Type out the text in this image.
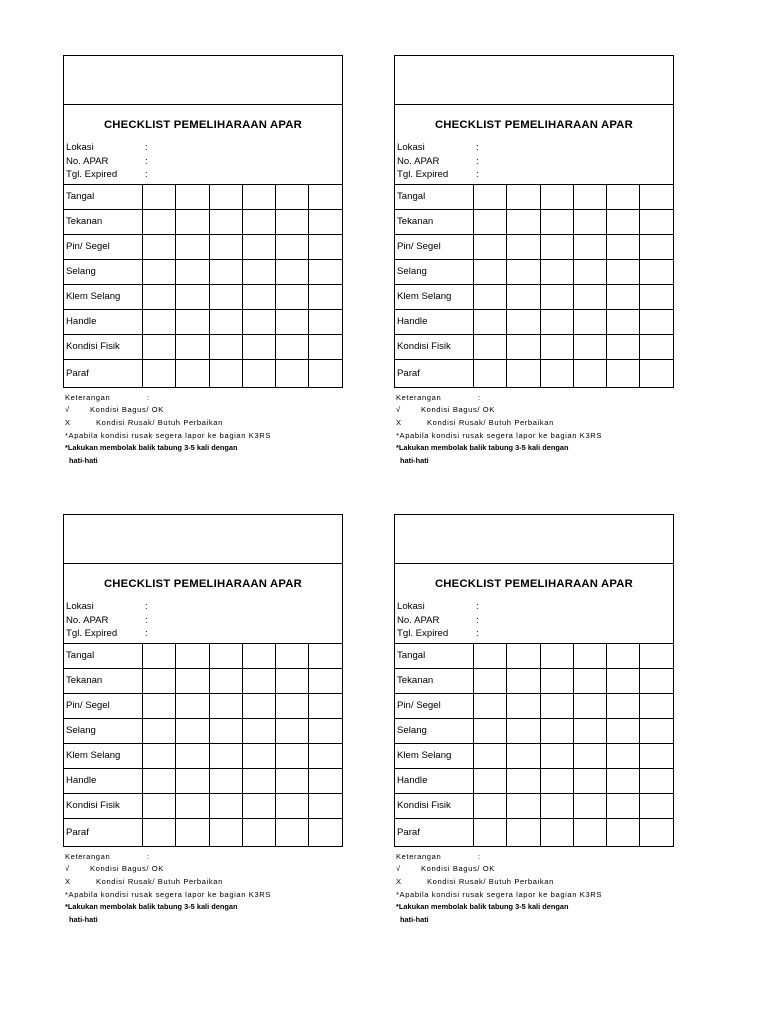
CHECKLIST PEMELIHARAAN APAR
Lokasi	:
No. APAR	:
Tgl. Expired	:
Tangal						
Tekanan						
Pin/ Segel						
Selang						
Klem Selang						
Handle						
Kondisi Fisik						
Paraf						
Keterangan	:
√	Kondisi Bagus/ OK
X	Kondisi Rusak/ Butuh Perbaikan
*Apabila kondisi rusak segera lapor ke bagian K3RS
*Lakukan membolak balik tabung 3-5 kali dengan
hati-hati
CHECKLIST PEMELIHARAAN APAR
Lokasi	:
No. APAR	:
Tgl. Expired	:
Tangal						
Tekanan						
Pin/ Segel						
Selang						
Klem Selang						
Handle						
Kondisi Fisik						
Paraf						
Keterangan	:
√	Kondisi Bagus/ OK
X	Kondisi Rusak/ Butuh Perbaikan
*Apabila kondisi rusak segera lapor ke bagian K3RS
*Lakukan membolak balik tabung 3-5 kali dengan
hati-hati
CHECKLIST PEMELIHARAAN APAR
Lokasi	:
No. APAR	:
Tgl. Expired	:
Tangal						
Tekanan						
Pin/ Segel						
Selang						
Klem Selang						
Handle						
Kondisi Fisik						
Paraf						
Keterangan	:
√	Kondisi Bagus/ OK
X	Kondisi Rusak/ Butuh Perbaikan
*Apabila kondisi rusak segera lapor ke bagian K3RS
*Lakukan membolak balik tabung 3-5 kali dengan
hati-hati
CHECKLIST PEMELIHARAAN APAR
Lokasi	:
No. APAR	:
Tgl. Expired	:
Tangal						
Tekanan						
Pin/ Segel						
Selang						
Klem Selang						
Handle						
Kondisi Fisik						
Paraf						
Keterangan	:
√	Kondisi Bagus/ OK
X	Kondisi Rusak/ Butuh Perbaikan
*Apabila kondisi rusak segera lapor ke bagian K3RS
*Lakukan membolak balik tabung 3-5 kali dengan
hati-hati
